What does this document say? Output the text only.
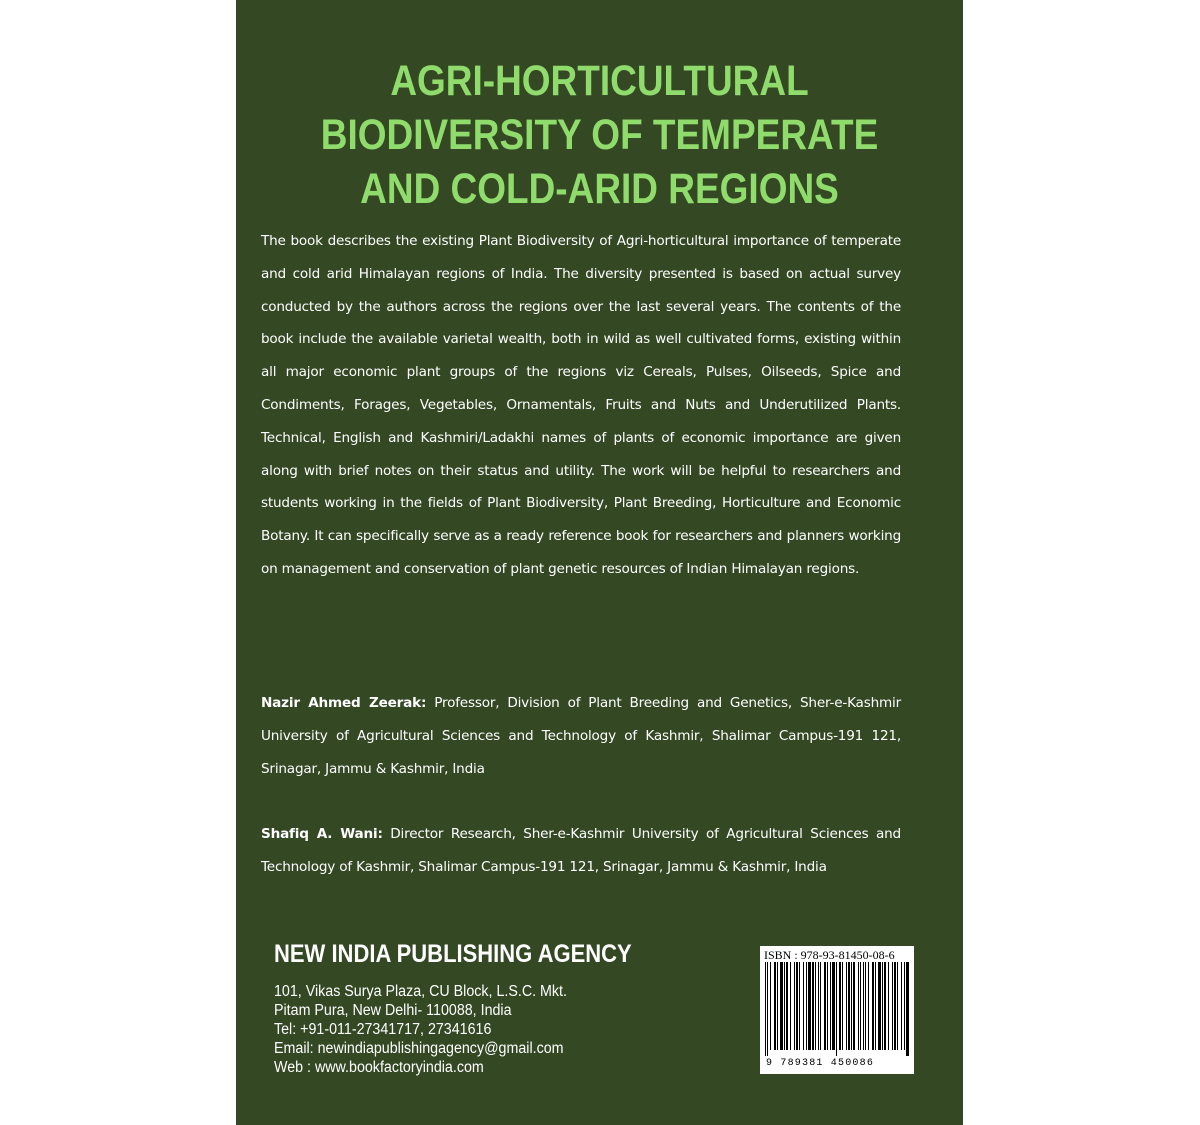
AGRI-HORTICULTURAL
BIODIVERSITY OF TEMPERATE
AND COLD-ARID REGIONS
The book describes the existing Plant Biodiversity of Agri-horticultural importance of temperate and cold arid Himalayan regions of India. The diversity presented is based on actual survey conducted by the authors across the regions over the last several years. The contents of the book include the available varietal wealth, both in wild as well cultivated forms, existing within all major economic plant groups of the regions viz Cereals, Pulses, Oilseeds, Spice and Condiments, Forages, Vegetables, Ornamentals, Fruits and Nuts and Underutilized Plants. Technical, English and Kashmiri/Ladakhi names of plants of economic importance are given along with brief notes on their status and utility. The work will be helpful to researchers and students working in the fields of Plant Biodiversity, Plant Breeding, Horticulture and Economic Botany. It can specifically serve as a ready reference book for researchers and planners working on management and conservation of plant genetic resources of Indian Himalayan regions.
Nazir Ahmed Zeerak: Professor, Division of Plant Breeding and Genetics, Sher-e-Kashmir University of Agricultural Sciences and Technology of Kashmir, Shalimar Campus-191 121, Srinagar, Jammu & Kashmir, India
Shafiq A. Wani: Director Research, Sher-e-Kashmir University of Agricultural Sciences and Technology of Kashmir, Shalimar Campus-191 121, Srinagar, Jammu & Kashmir, India
NEW INDIA PUBLISHING AGENCY
101, Vikas Surya Plaza, CU Block, L.S.C. Mkt.
Pitam Pura, New Delhi- 110088, India
Tel: +91-011-27341717, 27341616
Email: newindiapublishingagency@gmail.com
Web : www.bookfactoryindia.com
ISBN : 978-93-81450-08-6
9 789381 450086
